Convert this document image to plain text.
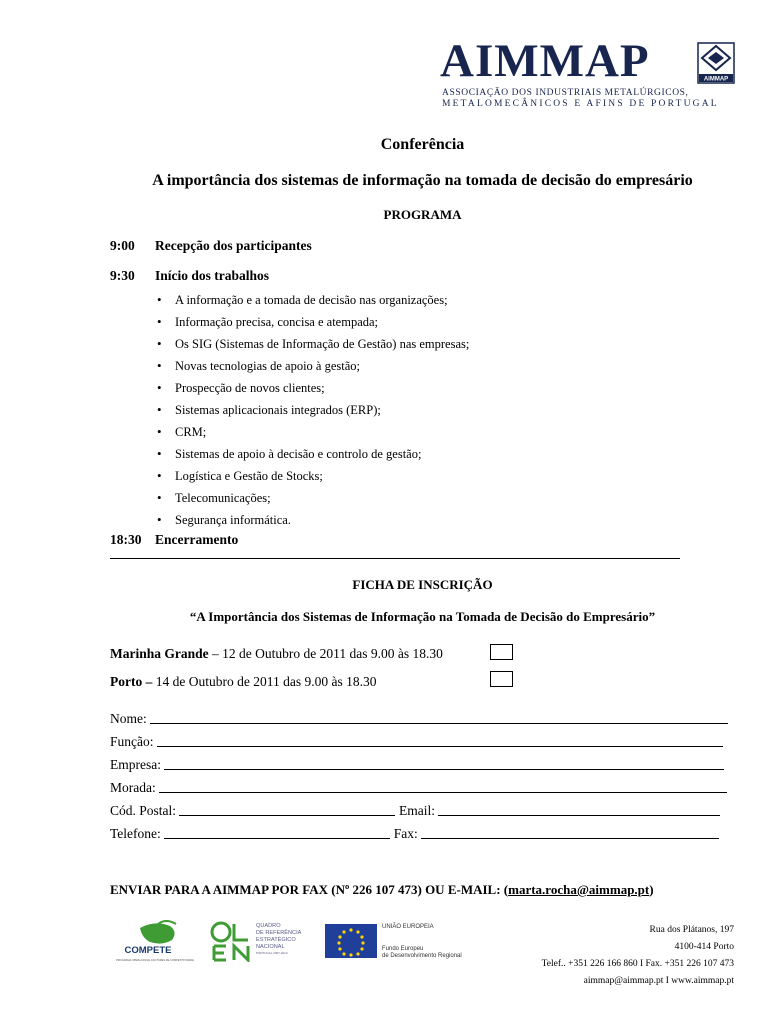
AIMMAP	AIMMAP
ASSOCIAÇÃO DOS INDUSTRIAIS METALÚRGICOS,
METALOMECÂNICOS E AFINS DE PORTUGAL
Conferência
A importância dos sistemas de informação na tomada de decisão do empresário
PROGRAMA
9:00 Recepção dos participantes
9:30 Início dos trabalhos
• A informação e a tomada de decisão nas organizações;
• Informação precisa, concisa e atempada;
• Os SIG (Sistemas de Informação de Gestão) nas empresas;
• Novas tecnologias de apoio à gestão;
• Prospecção de novos clientes;
• Sistemas aplicacionais integrados (ERP);
• CRM;
• Sistemas de apoio à decisão e controlo de gestão;
• Logística e Gestão de Stocks;
• Telecomunicações;
• Segurança informática.
18:30 Encerramento
FICHA DE INSCRIÇÃO
“A Importância dos Sistemas de Informação na Tomada de Decisão do Empresário”
Marinha Grande – 12 de Outubro de 2011 das 9.00 às 18.30
Porto – 14 de Outubro de 2011 das 9.00 às 18.30
Nome:
Função:
Empresa:
Morada:
Cód. Postal:	Email:
Telefone:	Fax:
ENVIAR PARA A AIMMAP POR FAX (Nº 226 107 473) OU E-MAIL: (marta.rocha@aimmap.pt)
COMPETE
PROGRAMA OPERACIONAL FACTORES DE COMPETITIVIDADE
QUADRO
DE REFERÊNCIA
ESTRATÉGICO
NACIONAL
PORTUGAL 2007-2013
UNIÃO EUROPEIA
Fundo Europeu
de Desenvolvimento Regional
Rua dos Plátanos, 197
4100-414 Porto
Telef.. +351 226 166 860 I Fax. +351 226 107 473
aimmap@aimmap.pt I www.aimmap.pt
